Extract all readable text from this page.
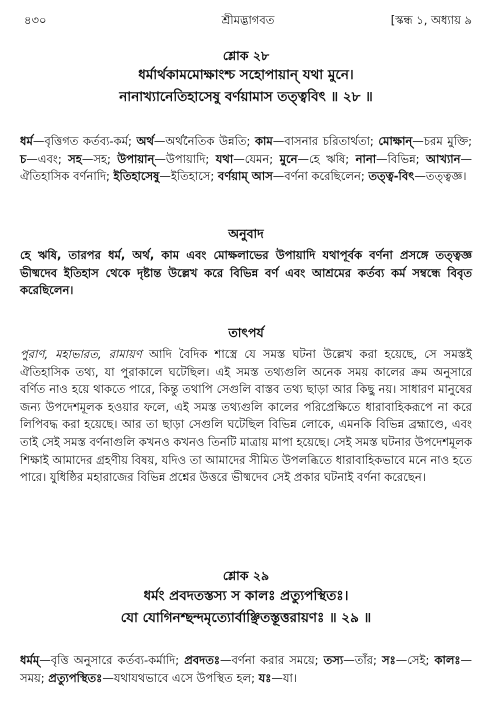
৪৩০	শ্রীমদ্ভাগবত	[স্কন্ধ ১, অধ্যায় ৯
শ্লোক ২৮
ধর্মার্থকামমোক্ষাংশ্চ সহোপায়ান্‌ যথা মুনে।
নানাখ্যানেতিহাসেষু বর্ণয়ামাস তত্ত্ববিৎ ॥ ২৮ ॥
ধর্ম—বৃত্তিগত কর্তব্য-কর্ম; অর্থ—অর্থনৈতিক উন্নতি; কাম—বাসনার চরিতার্থতা; মোক্ষান্‌—চরম মুক্তি; চ—এবং; সহ—সহ; উপায়ান্‌—উপায়াদি; যথা—যেমন; মুনে—হে ঋষি; নানা—বিভিন্ন; আখ্যান—ঐতিহাসিক বর্ণনাদি; ইতিহাসেষু—ইতিহাসে; বর্ণয়াম্‌ আস—বর্ণনা করেছিলেন; তত্ত্ব-বিৎ—তত্ত্বজ্ঞ।
অনুবাদ
হে ঋষি, তারপর ধর্ম, অর্থ, কাম এবং মোক্ষলাভের উপায়াদি যথাপূর্বক বর্ণনা প্রসঙ্গে তত্ত্বজ্ঞ ভীষ্মদেব ইতিহাস থেকে দৃষ্টান্ত উল্লেখ করে বিভিন্ন বর্ণ এবং আশ্রমের কর্তব্য কর্ম সম্বন্ধে বিবৃত করেছিলেন।
তাৎপর্য
পুরাণ, মহাভারত, রামায়ণ আদি বৈদিক শাস্ত্রে যে সমস্ত ঘটনা উল্লেখ করা হয়েছে, সে সমস্তই ঐতিহাসিক তথ্য, যা পুরাকালে ঘটেছিল। এই সমস্ত তথ্যগুলি অনেক সময় কালের ক্রম অনুসারে বর্ণিত নাও হয়ে থাকতে পারে, কিন্তু তথাপি সেগুলি বাস্তব তথ্য ছাড়া আর কিছু নয়। সাধারণ মানুষের জন্য উপদেশমূলক হওয়ার ফলে, এই সমস্ত তথ্যগুলি কালের পরিপ্রেক্ষিতে ধারাবাহিকরূপে না করে লিপিবদ্ধ করা হয়েছে। আর তা ছাড়া সেগুলি ঘটেছিল বিভিন্ন লোকে, এমনকি বিভিন্ন ব্রহ্মাণ্ডে, এবং তাই সেই সমস্ত বর্ণনাগুলি কখনও কখনও তিনটি মাত্রায় মাপা হয়েছে। সেই সমস্ত ঘটনার উপদেশমূলক শিক্ষাই আমাদের গ্রহণীয় বিষয়, যদিও তা আমাদের সীমিত উপলব্ধিতে ধারাবাহিকভাবে মনে নাও হতে পারে। যুধিষ্ঠির মহারাজের বিভিন্ন প্রশ্নের উত্তরে ভীষ্মদেব সেই প্রকার ঘটনাই বর্ণনা করেছেন।
শ্লোক ২৯
ধর্মং প্রবদতস্তস্য স কালঃ প্রত্যুপস্থিতঃ।
যো যোগিনশ্ছন্দমৃত্যোর্বাঞ্ছিতস্তূত্তরায়ণঃ ॥ ২৯ ॥
ধর্মম্‌—বৃত্তি অনুসারে কর্তব্য-কর্মাদি; প্রবদতঃ—বর্ণনা করার সময়ে; তস্য—তাঁর; সঃ—সেই; কালঃ—সময়; প্রত্যুপস্থিতঃ—যথাযথভাবে এসে উপস্থিত হল; যঃ—যা।
